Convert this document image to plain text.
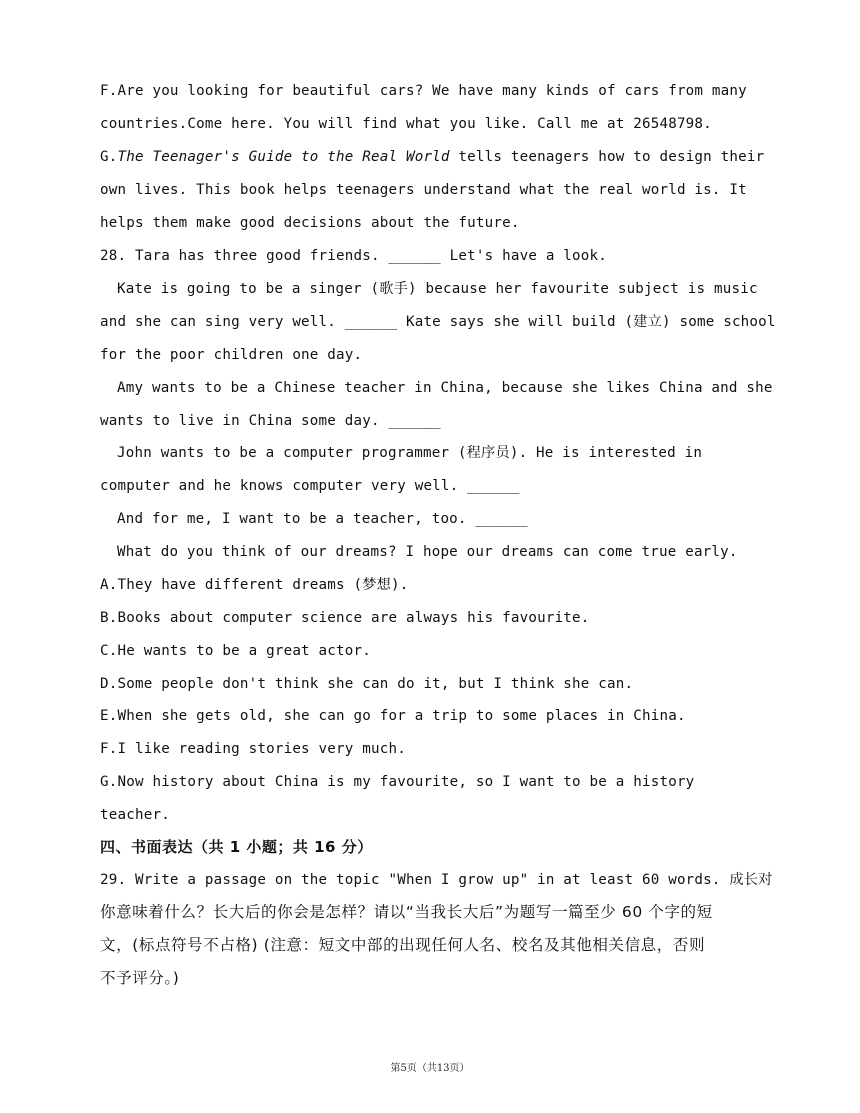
F.Are you looking for beautiful cars? We have many kinds of cars from many
countries.Come here. You will find what you like. Call me at 26548798.
G.The Teenager's Guide to the Real World tells teenagers how to design their
own lives. This book helps teenagers understand what the real world is. It
helps them make good decisions about the future.
28. Tara has three good friends. ______ Let's have a look.
Kate is going to be a singer (歌手) because her favourite subject is music
and she can sing very well. ______ Kate says she will build (建立) some school
for the poor children one day.
Amy wants to be a Chinese teacher in China, because she likes China and she
wants to live in China some day. ______
John wants to be a computer programmer (程序员). He is interested in
computer and he knows computer very well. ______
And for me, I want to be a teacher, too. ______
What do you think of our dreams? I hope our dreams can come true early.
A.They have different dreams (梦想).
B.Books about computer science are always his favourite.
C.He wants to be a great actor.
D.Some people don't think she can do it, but I think she can.
E.When she gets old, she can go for a trip to some places in China.
F.I like reading stories very much.
G.Now history about China is my favourite, so I want to be a history
teacher.
四、书面表达（共 1 小题；共 16 分）
29. Write a passage on the topic "When I grow up" in at least 60 words. 成长对
你意味着什么？长大后的你会是怎样？请以“当我长大后”为题写一篇至少 60 个字的短
文，(标点符号不占格) (注意：短文中部的出现任何人名、校名及其他相关信息，否则
不予评分。)
第5页（共13页）
